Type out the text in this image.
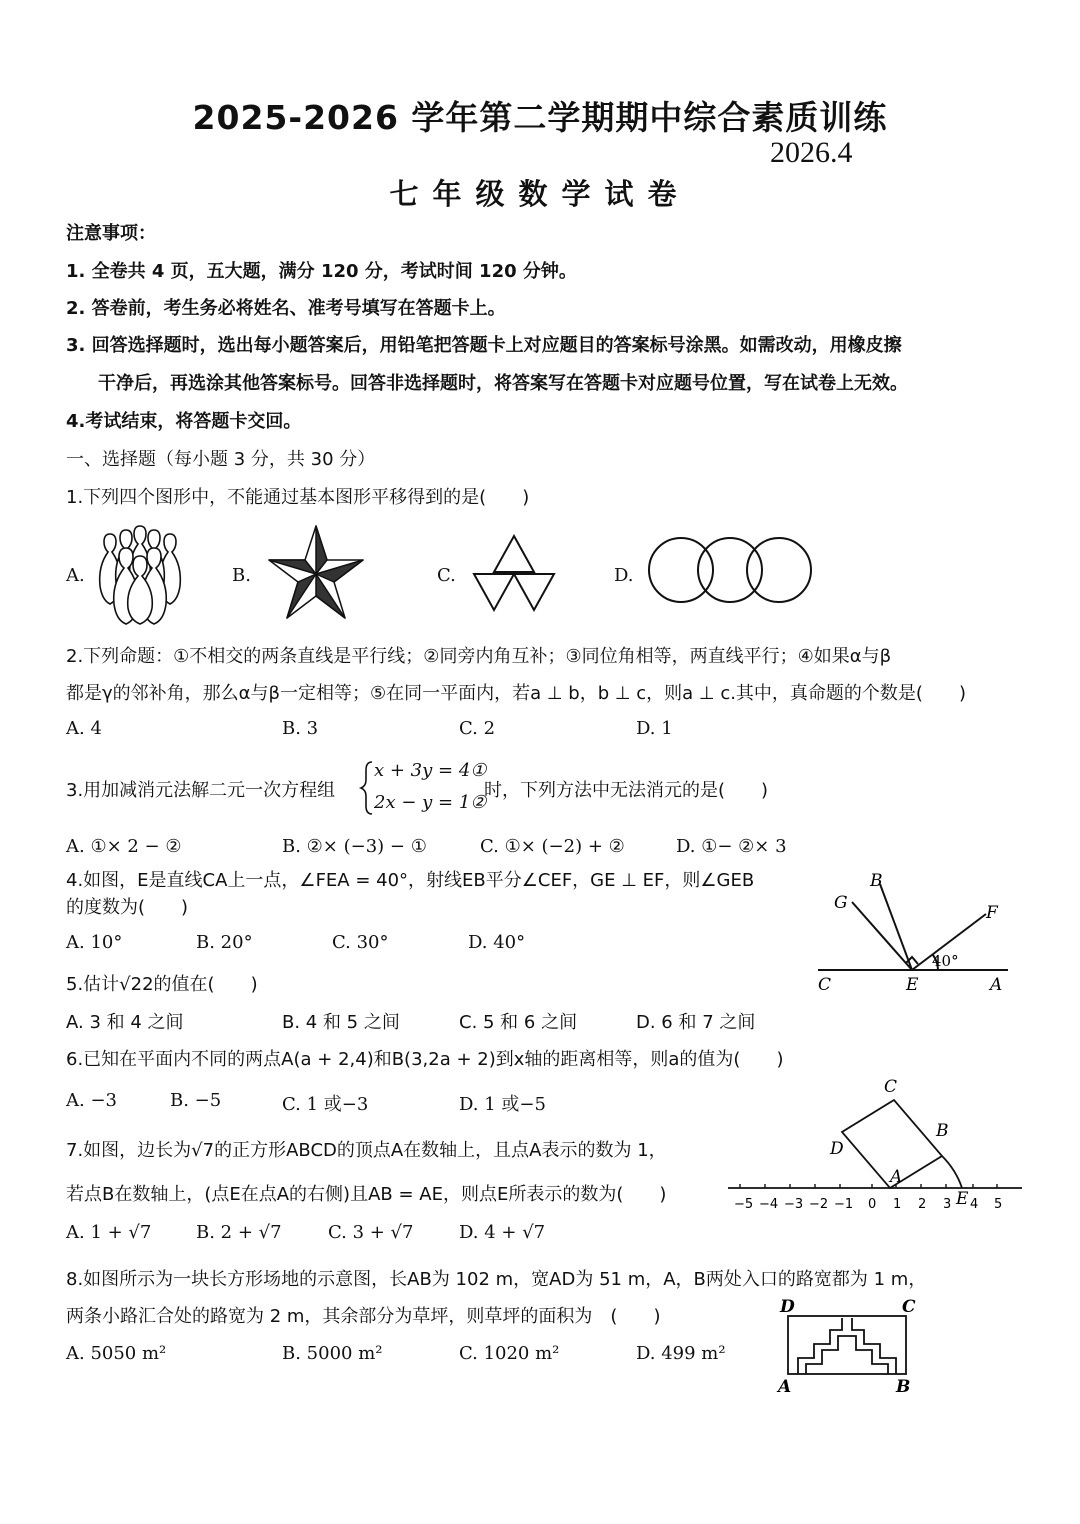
2025-2026 学年第二学期期中综合素质训练
2026.4
七年级数学试卷
注意事项：
1. 全卷共 4 页，五大题，满分 120 分，考试时间 120 分钟。
2. 答卷前，考生务必将姓名、准考号填写在答题卡上。
3. 回答选择题时，选出每小题答案后，用铅笔把答题卡上对应题目的答案标号涂黑。如需改动，用橡皮擦
干净后，再选涂其他答案标号。回答非选择题时，将答案写在答题卡对应题号位置，写在试卷上无效。
4.考试结束，将答题卡交回。
一、选择题（每小题 3 分，共 30 分）
1.下列四个图形中，不能通过基本图形平移得到的是(　　)
A.	B.	C.	D.
2.下列命题：①不相交的两条直线是平行线；②同旁内角互补；③同位角相等，两直线平行；④如果α与β
都是γ的邻补角，那么α与β一定相等；⑤在同一平面内，若a ⊥ b，b ⊥ c，则a ⊥ c.其中，真命题的个数是(　　)
A. 4	B. 3	C. 2	D. 1
3.用加减消元法解二元一次方程组
x + 3y = 4①
2x − y = 1②
时，下列方法中无法消元的是(　　)
A. ①× 2 − ②	B. ②× (−3) − ①	C. ①× (−2) + ②	D. ①− ②× 3
4.如图，E是直线CA上一点，∠FEA = 40°，射线EB平分∠CEF，GE ⊥ EF，则∠GEB
的度数为(　　)
A. 10°	B. 20°	C. 30°	D. 40°
G
B
F
C	E	A
40°
5.估计√22的值在(　　)
A. 3 和 4 之间	B. 4 和 5 之间	C. 5 和 6 之间	D. 6 和 7 之间
6.已知在平面内不同的两点A(a + 2,4)和B(3,2a + 2)到x轴的距离相等，则a的值为(　　)
A. −3	B. −5	C. 1 或−3	D. 1 或−5
7.如图，边长为√7的正方形ABCD的顶点A在数轴上，且点A表示的数为 1，
若点B在数轴上，(点E在点A的右侧)且AB = AE，则点E所表示的数为(　　)
A. 1 + √7 B. 2 + √7	C. 3 + √7	D. 4 + √7
C
B
D
A
E
−5 −4 −3 −2 −1 0 1 2 3 4 5
8.如图所示为一块长方形场地的示意图，长AB为 102 m，宽AD为 51 m，A，B两处入口的路宽都为 1 m，
两条小路汇合处的路宽为 2 m，其余部分为草坪，则草坪的面积为　(　　)
A. 5050 m²	B. 5000 m²	C. 1020 m²	D. 499 m²
D	C
A	B
